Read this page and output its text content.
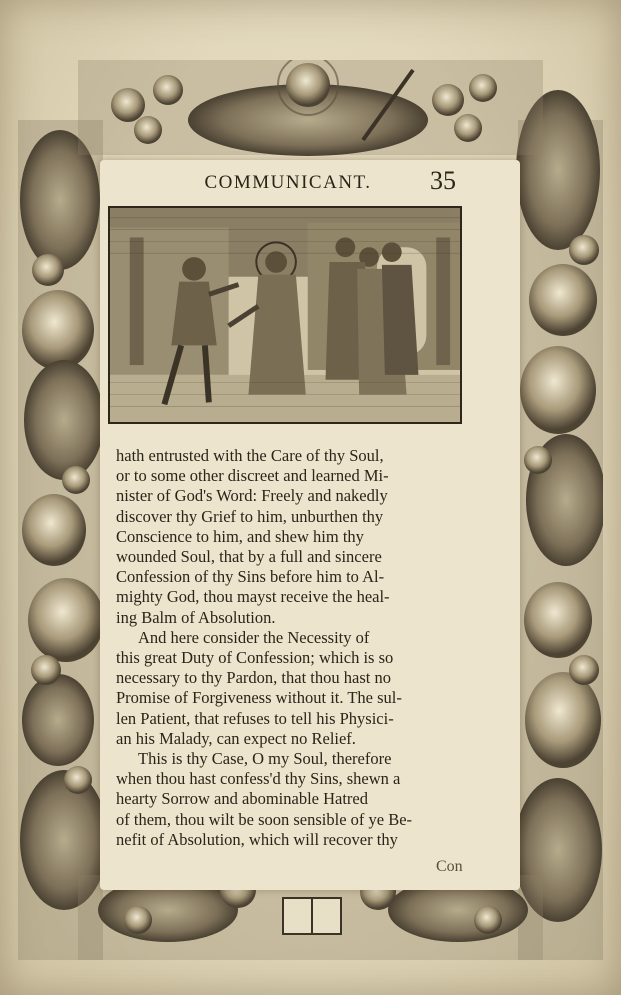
COMMUNICANT.	35
hath entrusted with the Care of thy Soul,
or to some other discreet and learned Mi-
nister of God's Word: Freely and nakedly
discover thy Grief to him, unburthen thy
Conscience to him, and shew him thy
wounded Soul, that by a full and sincere
Confession of thy Sins before him to Al-
mighty God, thou mayst receive the heal-
ing Balm of Absolution.
And here consider the Necessity of
this great Duty of Confession; which is so
necessary to thy Pardon, that thou hast no
Promise of Forgiveness without it. The sul-
len Patient, that refuses to tell his Physici-
an his Malady, can expect no Relief.
This is thy Case, O my Soul, therefore
when thou hast confess'd thy Sins, shewn a
hearty Sorrow and abominable Hatred
of them, thou wilt be soon sensible of ye Be-
nefit of Absolution, which will recover thy
Con
